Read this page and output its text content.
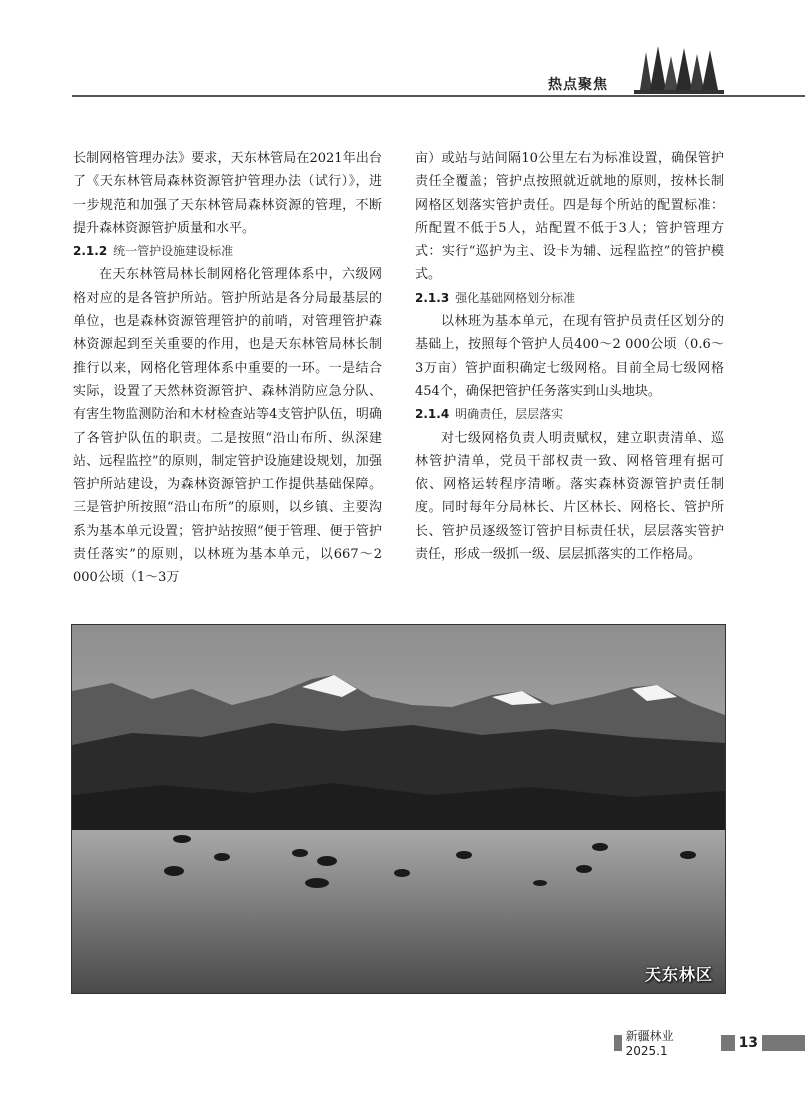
热点聚焦

长制网格管理办法》要求，天东林管局在2021年出台了《天东林管局森林资源管护管理办法（试行）》，进一步规范和加强了天东林管局森林资源的管理，不断提升森林资源管护质量和水平。

2.1.2 统一管护设施建设标准

在天东林管局林长制网格化管理体系中，六级网格对应的是各管护所站。管护所站是各分局最基层的单位，也是森林资源管理管护的前哨，对管理管护森林资源起到至关重要的作用，也是天东林管局林长制推行以来，网格化管理体系中重要的一环。一是结合实际，设置了天然林资源管护、森林消防应急分队、有害生物监测防治和木材检查站等4支管护队伍，明确了各管护队伍的职责。二是按照“沿山布所、纵深建站、远程监控”的原则，制定管护设施建设规划，加强管护所站建设，为森林资源管护工作提供基础保障。三是管护所按照“沿山布所”的原则，以乡镇、主要沟系为基本单元设置；管护站按照“便于管理、便于管护责任落实”的原则，以林班为基本单元，以667～2 000公顷（1～3万

亩）或站与站间隔10公里左右为标准设置，确保管护责任全覆盖；管护点按照就近就地的原则，按林长制网格区划落实管护责任。四是每个所站的配置标准：所配置不低于5人，站配置不低于3人；管护管理方式：实行“巡护为主、设卡为辅、远程监控”的管护模式。

2.1.3 强化基础网格划分标准

以林班为基本单元，在现有管护员责任区划分的基础上，按照每个管护人员400～2 000公顷（0.6～3万亩）管护面积确定七级网格。目前全局七级网格454个，确保把管护任务落实到山头地块。

2.1.4 明确责任，层层落实

对七级网格负责人明责赋权，建立职责清单、巡林管护清单，党员干部权责一致、网格管理有据可依、网格运转程序清晰。落实森林资源管护责任制度。同时每年分局林长、片区林长、网格长、管护所长、管护员逐级签订管护目标责任状，层层落实管护责任，形成一级抓一级、层层抓落实的工作格局。

天东林区
新疆林业 2025.1
13
